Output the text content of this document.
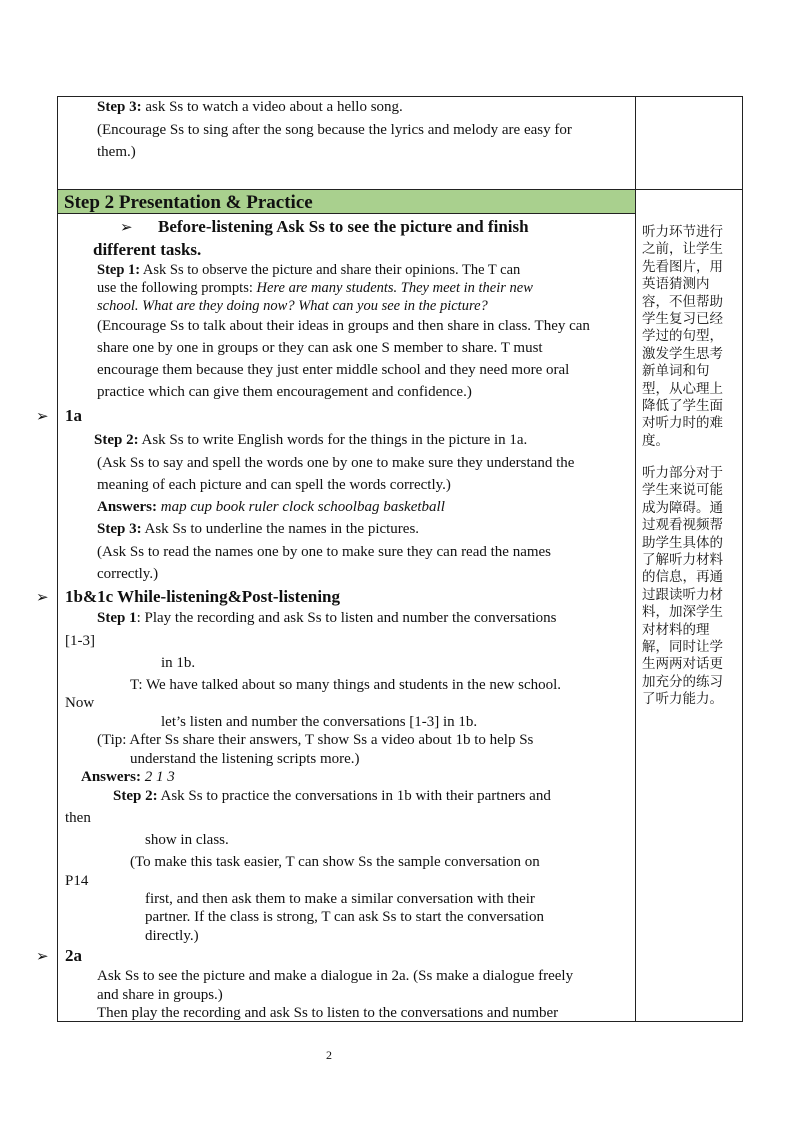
Step 2 Presentation & Practice
Step 3: ask Ss to watch a video about a hello song.
(Encourage Ss to sing after the song because the lyrics and melody are easy for
them.)
➢ Before-listening Ask Ss to see the picture and finish
different tasks.
Step 1: Ask Ss to observe the picture and share their opinions. The T can
use the following prompts: Here are many students. They meet in their new
school. What are they doing now? What can you see in the picture?
(Encourage Ss to talk about their ideas in groups and then share in class. They can
share one by one in groups or they can ask one S member to share. T must
encourage them because they just enter middle school and they need more oral
practice which can give them encouragement and confidence.)
➢ 1a
Step 2: Ask Ss to write English words for the things in the picture in 1a.
(Ask Ss to say and spell the words one by one to make sure they understand the
meaning of each picture and can spell the words correctly.)
Answers: map cup book ruler clock schoolbag basketball
Step 3: Ask Ss to underline the names in the pictures.
(Ask Ss to read the names one by one to make sure they can read the names
correctly.)
➢ 1b&1c While-listening&Post-listening
Step 1: Play the recording and ask Ss to listen and number the conversations
[1-3]
in 1b.
T: We have talked about so many things and students in the new school.
Now
let’s listen and number the conversations [1-3] in 1b.
(Tip: After Ss share their answers, T show Ss a video about 1b to help Ss
understand the listening scripts more.)
Answers: 2 1 3
Step 2: Ask Ss to practice the conversations in 1b with their partners and
then
show in class.
(To make this task easier, T can show Ss the sample conversation on
P14
first, and then ask them to make a similar conversation with their
partner. If the class is strong, T can ask Ss to start the conversation
directly.)
➢ 2a
Ask Ss to see the picture and make a dialogue in 2a. (Ss make a dialogue freely
and share in groups.)
Then play the recording and ask Ss to listen to the conversations and number
听力环节进行之前，让学生先看图片，用英语猜测内容，不但帮助学生复习已经学过的句型，激发学生思考新单词和句型，从心理上降低了学生面对听力时的难度。
听力部分对于学生来说可能成为障碍。通过观看视频帮助学生具体的了解听力材料的信息，再通过跟读听力材料，加深学生对材料的理解，同时让学生两两对话更加充分的练习了听力能力。
2
